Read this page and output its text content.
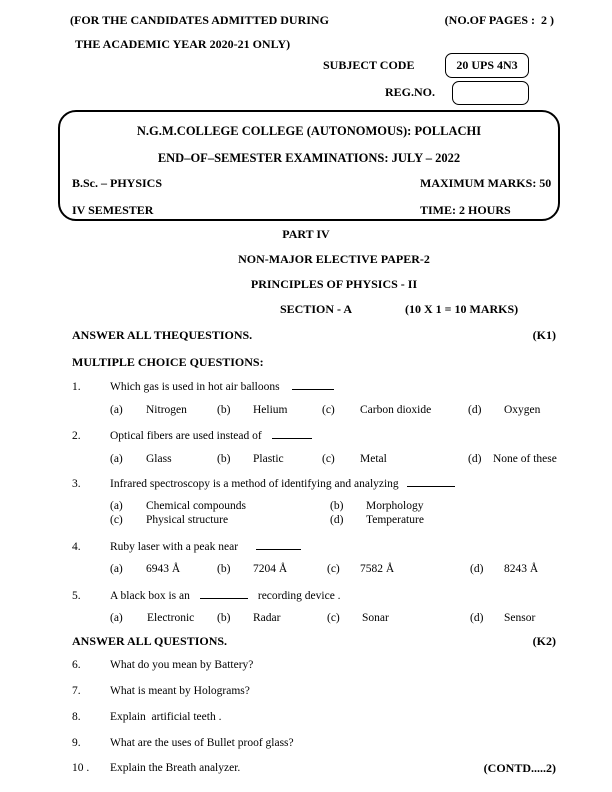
(FOR THE CANDIDATES ADMITTED DURING	(NO.OF PAGES :  2 )
THE ACADEMIC YEAR 2020-21 ONLY)
SUBJECT CODE	20 UPS 4N3
REG.NO.
N.G.M.COLLEGE COLLEGE (AUTONOMOUS): POLLACHI
END–OF–SEMESTER EXAMINATIONS: JULY – 2022
B.Sc. – PHYSICS	MAXIMUM MARKS: 50
IV SEMESTER	TIME: 2 HOURS
PART IV
NON-MAJOR ELECTIVE PAPER-2
PRINCIPLES OF PHYSICS - II
SECTION - A	(10 X 1 = 10 MARKS)
ANSWER ALL THEQUESTIONS.	(K1)
MULTIPLE CHOICE QUESTIONS:
1.	Which gas is used in hot air balloons
(a) Nitrogen	(b) Helium	(c) Carbon dioxide	(d) Oxygen
2.	Optical fibers are used instead of
(a) Glass	(b) Plastic	(c) Metal	(d) None of these
3.	Infrared spectroscopy is a method of identifying and analyzing
(a) Chemical compounds	(b) Morphology
(c) Physical structure	(d) Temperature
4.	Ruby laser with a peak near
(a) 6943 Å	(b) 7204 Å	(c) 7582 Å	(d) 8243 Å
5.	A black box is an	recording device .
(a) Electronic (b) Radar	(c) Sonar	(d) Sensor
ANSWER ALL QUESTIONS.	(K2)
6.	What do you mean by Battery?
7.	What is meant by Holograms?
8.	Explain  artificial teeth .
9.	What are the uses of Bullet proof glass?
10 . Explain the Breath analyzer.	(CONTD.....2)
